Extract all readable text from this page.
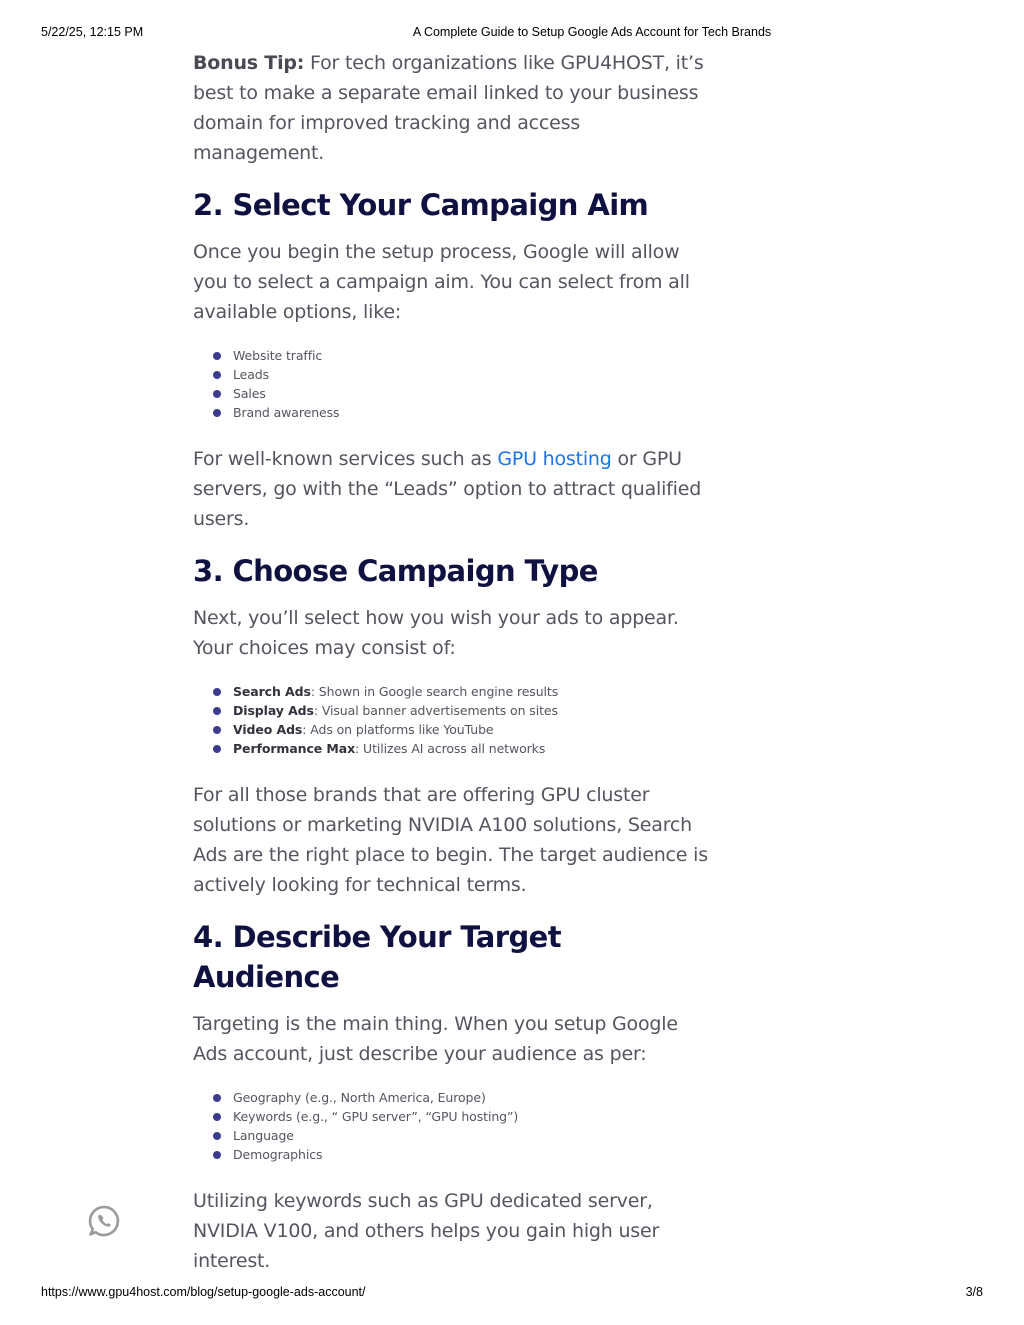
5/22/25, 12:15 PM	A Complete Guide to Setup Google Ads Account for Tech Brands

Bonus Tip: For tech organizations like GPU4HOST, it’s best to make a separate email linked to your business domain for improved tracking and access management.

2. Select Your Campaign Aim

Once you begin the setup process, Google will allow you to select a campaign aim. You can select from all available options, like:

Website traffic
Leads
Sales
Brand awareness

For well-known services such as GPU hosting or GPU servers, go with the “Leads” option to attract qualified users.

3. Choose Campaign Type

Next, you’ll select how you wish your ads to appear. Your choices may consist of:

Search Ads: Shown in Google search engine results
Display Ads: Visual banner advertisements on sites
Video Ads: Ads on platforms like YouTube
Performance Max: Utilizes AI across all networks

For all those brands that are offering GPU cluster solutions or marketing NVIDIA A100 solutions, Search Ads are the right place to begin. The target audience is actively looking for technical terms.

4. Describe Your Target Audience

Targeting is the main thing. When you setup Google Ads account, just describe your audience as per:

Geography (e.g., North America, Europe)
Keywords (e.g., “ GPU server”, “GPU hosting”)
Language
Demographics

Utilizing keywords such as GPU dedicated server, NVIDIA V100, and others helps you gain high user interest.

https://www.gpu4host.com/blog/setup-google-ads-account/	3/8
